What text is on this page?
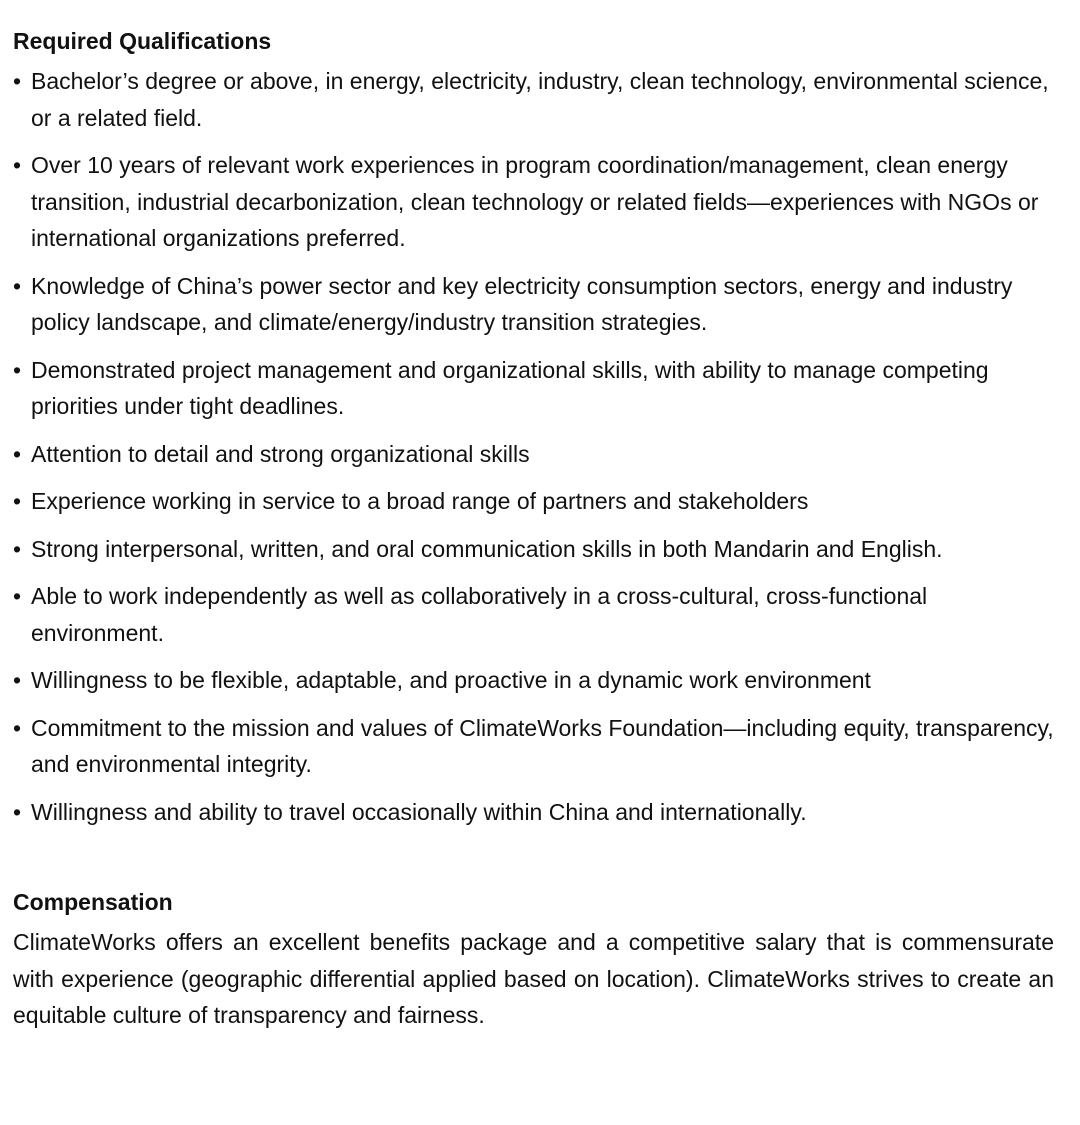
Required Qualifications
• Bachelor’s degree or above, in energy, electricity, industry, clean technology, environmental science, or a related field.
• Over 10 years of relevant work experiences in program coordination/management, clean energy transition, industrial decarbonization, clean technology or related fields—experiences with NGOs or international organizations preferred.
• Knowledge of China’s power sector and key electricity consumption sectors, energy and industry policy landscape, and climate/energy/industry transition strategies.
• Demonstrated project management and organizational skills, with ability to manage competing priorities under tight deadlines.
• Attention to detail and strong organizational skills
• Experience working in service to a broad range of partners and stakeholders
• Strong interpersonal, written, and oral communication skills in both Mandarin and English.
• Able to work independently as well as collaboratively in a cross-cultural, cross-functional environment.
• Willingness to be flexible, adaptable, and proactive in a dynamic work environment
• Commitment to the mission and values of ClimateWorks Foundation—including equity, transparency, and environmental integrity.
• Willingness and ability to travel occasionally within China and internationally.
Compensation

ClimateWorks offers an excellent benefits package and a competitive salary that is commensurate with experience (geographic differential applied based on location). ClimateWorks strives to create an equitable culture of transparency and fairness.
